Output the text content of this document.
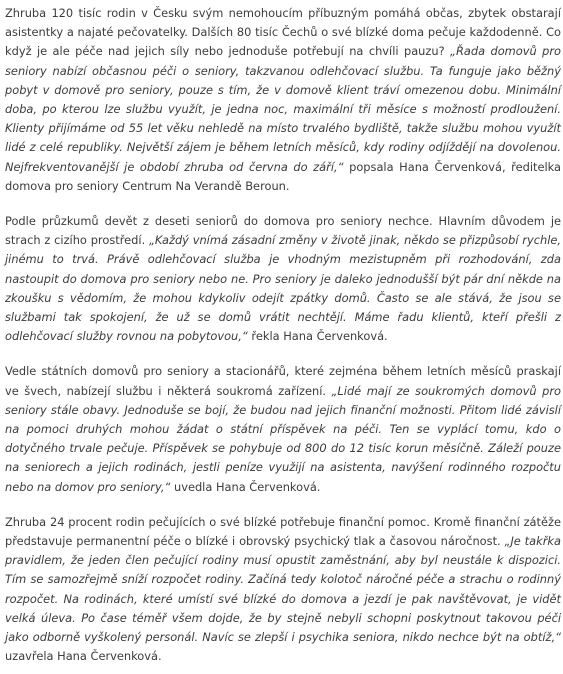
Zhruba 120 tisíc rodin v Česku svým nemohoucím příbuzným pomáhá občas, zbytek obstarají asistentky a najaté pečovatelky. Dalších 80 tisíc Čechů o své blízké doma pečuje každodenně. Co když je ale péče nad jejich síly nebo jednoduše potřebují na chvíli pauzu? „Řada domovů pro seniory nabízí občasnou péči o seniory, takzvanou odlehčovací službu. Ta funguje jako běžný pobyt v domově pro seniory, pouze s tím, že v domově klient tráví omezenou dobu. Minimální doba, po kterou lze službu využít, je jedna noc, maximální tři měsíce s možností prodloužení. Klienty přijímáme od 55 let věku nehledě na místo trvalého bydliště, takže službu mohou využít lidé z celé republiky. Největší zájem je během letních měsíců, kdy rodiny odjíždějí na dovolenou. Nejfrekventovanější je období zhruba od června do září,“ popsala Hana Červenková, ředitelka domova pro seniory Centrum Na Verandě Beroun.

Podle průzkumů devět z deseti seniorů do domova pro seniory nechce. Hlavním důvodem je strach z cizího prostředí. „Každý vnímá zásadní změny v životě jinak, někdo se přizpůsobí rychle, jinému to trvá. Právě odlehčovací služba je vhodným mezistupněm při rozhodování, zda nastoupit do domova pro seniory nebo ne. Pro seniory je daleko jednodušší být pár dní někde na zkoušku s vědomím, že mohou kdykoliv odejít zpátky domů. Často se ale stává, že jsou se službami tak spokojení, že už se domů vrátit nechtějí. Máme řadu klientů, kteří přešli z odlehčovací služby rovnou na pobytovou,“ řekla Hana Červenková.

Vedle státních domovů pro seniory a stacionářů, které zejména během letních měsíců praskají ve švech, nabízejí službu i některá soukromá zařízení. „Lidé mají ze soukromých domovů pro seniory stále obavy. Jednoduše se bojí, že budou nad jejich finanční možnosti. Přitom lidé závislí na pomoci druhých mohou žádat o státní příspěvek na péči. Ten se vyplácí tomu, kdo o dotyčného trvale pečuje. Příspěvek se pohybuje od 800 do 12 tisíc korun měsíčně. Záleží pouze na seniorech a jejich rodinách, jestli peníze využijí na asistenta, navýšení rodinného rozpočtu nebo na domov pro seniory,“ uvedla Hana Červenková.

Zhruba 24 procent rodin pečujících o své blízké potřebuje finanční pomoc. Kromě finanční zátěže představuje permanentní péče o blízké i obrovský psychický tlak a časovou náročnost. „Je takřka pravidlem, že jeden člen pečující rodiny musí opustit zaměstnání, aby byl neustále k dispozici. Tím se samozřejmě sníží rozpočet rodiny. Začíná tedy kolotoč náročné péče a strachu o rodinný rozpočet. Na rodinách, které umístí své blízké do domova a jezdí je pak navštěvovat, je vidět velká úleva. Po čase téměř všem dojde, že by stejně nebyli schopni poskytnout takovou péči jako odborně vyškolený personál. Navíc se zlepší i psychika seniora, nikdo nechce být na obtíž,“ uzavřela Hana Červenková.
